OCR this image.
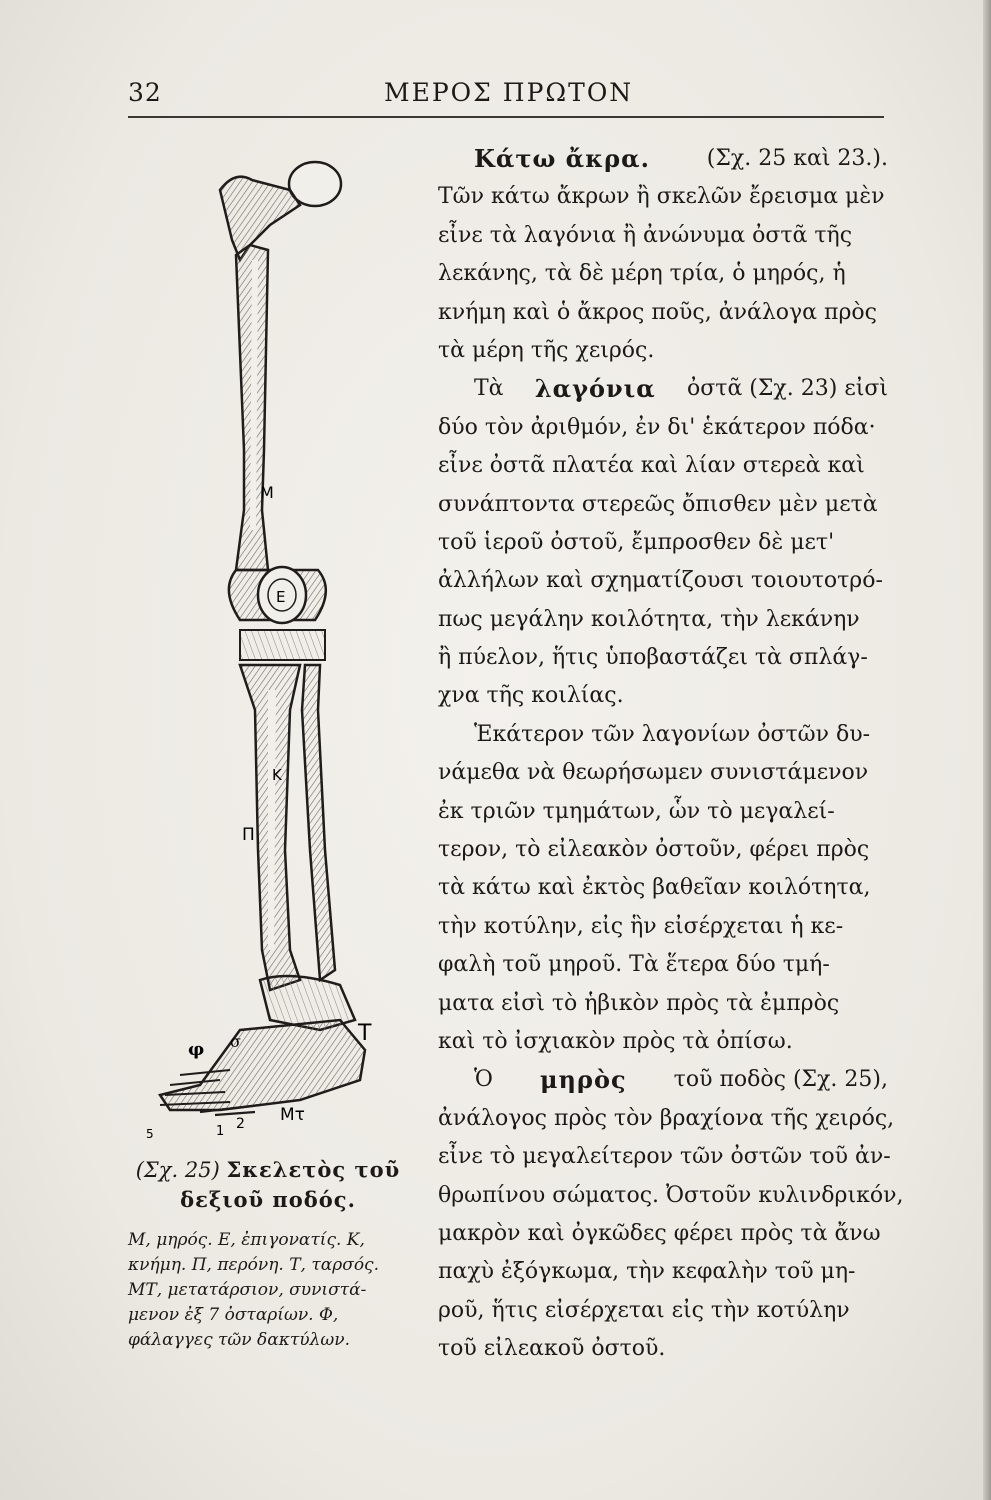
32	ΜΕΡΟΣ ΠΡΩΤΟΝ
M
E
K
П
T
Μτ
φ σ
1 2
5
(Σχ. 25) Σκελετὸς τοῦ
δεξιοῦ ποδός.
Μ, μηρός. Ε, ἐπιγονατίς. Κ,
κνήμη. Π, περόνη. Τ, ταρσός.
ΜΤ, μετατάρσιον, συνιστά-
μενον ἐξ 7 ὀσταρίων. Φ,
φάλαγγες τῶν δακτύλων.
Κάτω ἄκρα.	(Σχ. 25 καὶ 23.).
Τῶν κάτω ἄκρων ἢ σκελῶν ἔρεισμα μὲν
εἶνε τὰ λαγόνια ἢ ἀνώνυμα ὀστᾶ τῆς
λεκάνης, τὰ δὲ μέρη τρία, ὁ μηρός, ἡ
κνήμη καὶ ὁ ἄκρος ποῦς, ἀνάλογα πρὸς
τὰ μέρη τῆς χειρός.
Τὰ λαγόνια ὀστᾶ (Σχ. 23) εἰσὶ
δύο τὸν ἀριθμόν, ἐν δι' ἑκάτερον πόδα·
εἶνε ὀστᾶ πλατέα καὶ λίαν στερεὰ καὶ
συνάπτοντα στερεῶς ὄπισθεν μὲν μετὰ
τοῦ ἱεροῦ ὀστοῦ, ἔμπροσθεν δὲ μετ'
ἀλλήλων καὶ σχηματίζουσι τοιουτοτρό-
πως μεγάλην κοιλότητα, τὴν λεκάνην
ἢ πύελον, ἥτις ὑποβαστάζει τὰ σπλάγ-
χνα τῆς κοιλίας.
Ἑκάτερον τῶν λαγονίων ὀστῶν δυ-
νάμεθα νὰ θεωρήσωμεν συνιστάμενον
ἐκ τριῶν τμημάτων, ὧν τὸ μεγαλεί-
τερον, τὸ εἰλεακὸν ὀστοῦν, φέρει πρὸς
τὰ κάτω καὶ ἐκτὸς βαθεῖαν κοιλότητα,
τὴν κοτύλην, εἰς ἣν εἰσέρχεται ἡ κε-
φαλὴ τοῦ μηροῦ. Τὰ ἕτερα δύο τμή-
ματα εἰσὶ τὸ ἡβικὸν πρὸς τὰ ἐμπρὸς
καὶ τὸ ἰσχιακὸν πρὸς τὰ ὀπίσω.
Ὁ μηρὸς τοῦ ποδὸς (Σχ. 25),
ἀνάλογος πρὸς τὸν βραχίονα τῆς χειρός,
εἶνε τὸ μεγαλείτερον τῶν ὀστῶν τοῦ ἀν-
θρωπίνου σώματος. Ὀστοῦν κυλινδρικόν,
μακρὸν καὶ ὀγκῶδες φέρει πρὸς τὰ ἄνω
παχὺ ἐξόγκωμα, τὴν κεφαλὴν τοῦ μη-
ροῦ, ἥτις εἰσέρχεται εἰς τὴν κοτύλην
τοῦ εἰλεακοῦ ὀστοῦ.
